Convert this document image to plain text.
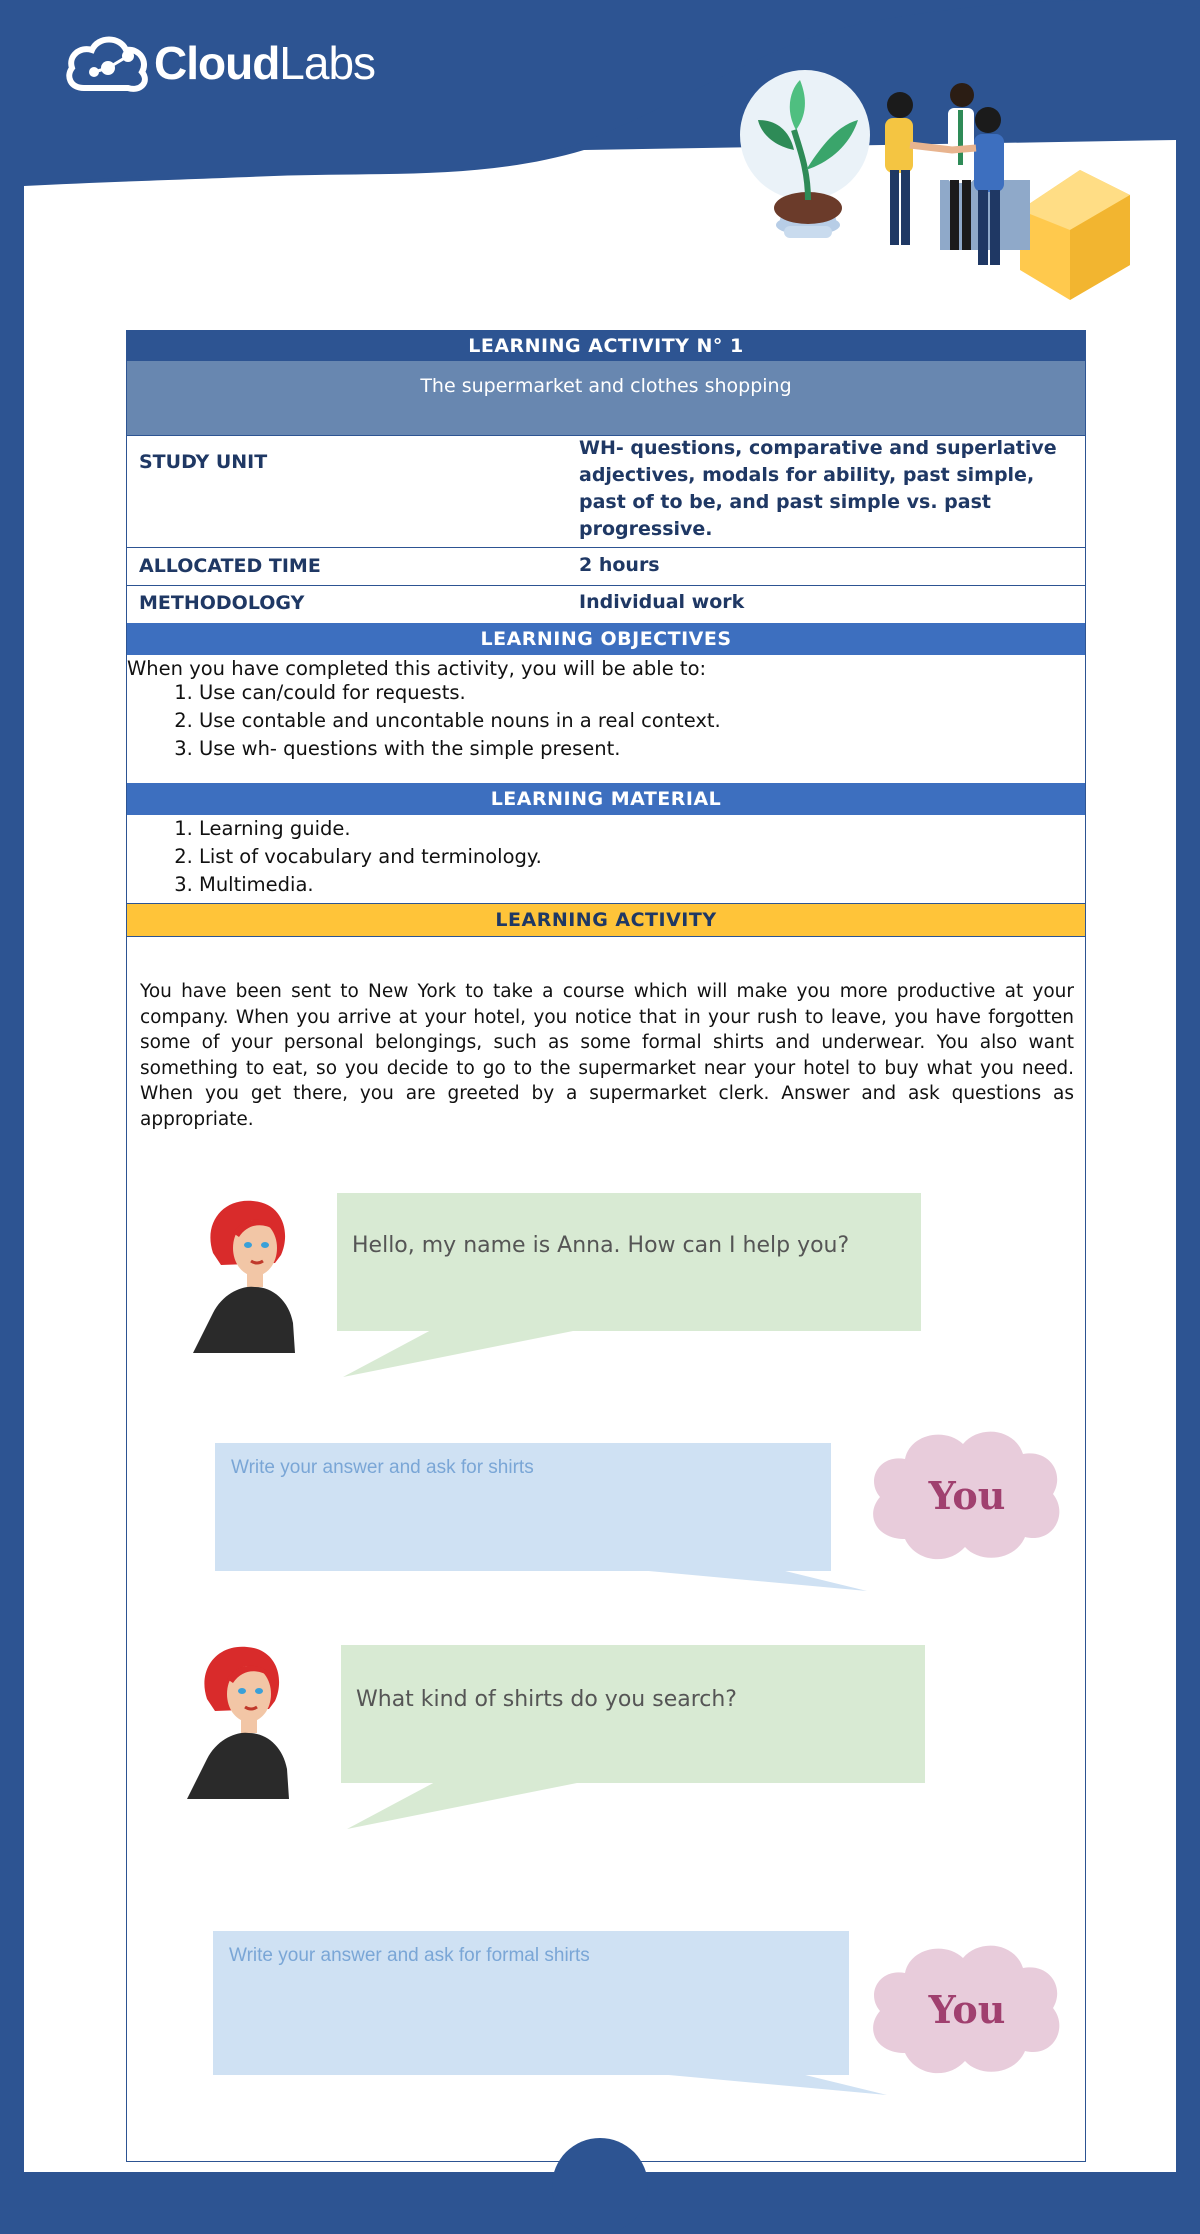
CloudLabs
LEARNING ACTIVITY N° 1
The supermarket and clothes shopping
STUDY UNIT
WH- questions, comparative and superlative adjectives, modals for ability, past simple, past of to be, and past simple vs. past progressive.
ALLOCATED TIME	2 hours
METHODOLOGY	Individual work
LEARNING OBJECTIVES
When you have completed this activity, you will be able to:
1. Use can/could for requests.
2. Use contable and uncontable nouns in a real context.
3. Use wh- questions with the simple present.
LEARNING MATERIAL
1. Learning guide.
2. List of vocabulary and terminology.
3. Multimedia.
LEARNING ACTIVITY
You have been sent to New York to take a course which will make you more productive at your company. When you arrive at your hotel, you notice that in your rush to leave, you have forgotten some of your personal belongings, such as some formal shirts and underwear. You also want something to eat, so you decide to go to the supermarket near your hotel to buy what you need. When you get there, you are greeted by a supermarket clerk. Answer and ask questions as appropriate.
Hello, my name is Anna. How can I help you?
Write your answer and ask for shirts
You
What kind of shirts do you search?
Write your answer and ask for formal shirts
You
